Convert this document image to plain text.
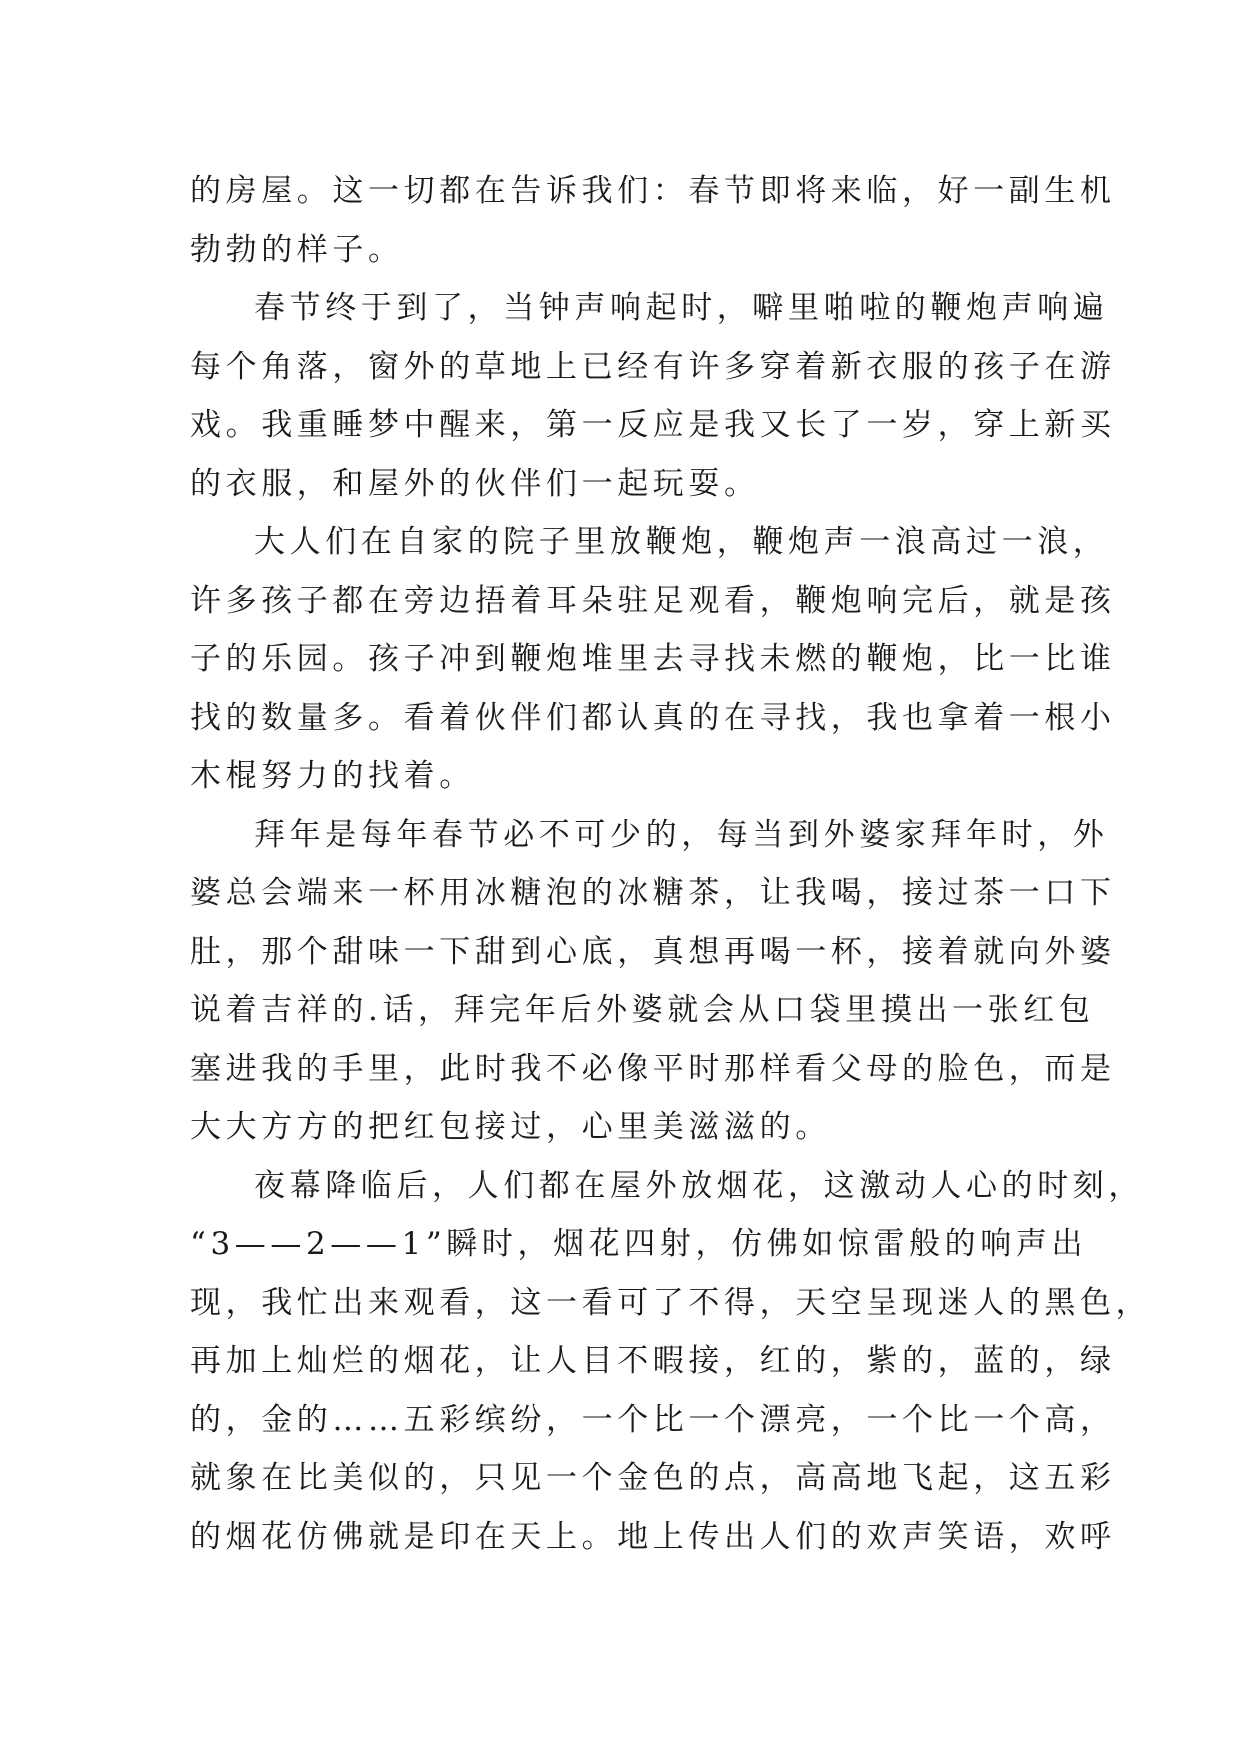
的房屋。这一切都在告诉我们：春节即将来临，好一副生机
勃勃的样子。
春节终于到了，当钟声响起时，噼里啪啦的鞭炮声响遍
每个角落，窗外的草地上已经有许多穿着新衣服的孩子在游
戏。我重睡梦中醒来，第一反应是我又长了一岁，穿上新买
的衣服，和屋外的伙伴们一起玩耍。
大人们在自家的院子里放鞭炮，鞭炮声一浪高过一浪，
许多孩子都在旁边捂着耳朵驻足观看，鞭炮响完后，就是孩
子的乐园。孩子冲到鞭炮堆里去寻找未燃的鞭炮，比一比谁
找的数量多。看着伙伴们都认真的在寻找，我也拿着一根小
木棍努力的找着。
拜年是每年春节必不可少的，每当到外婆家拜年时，外
婆总会端来一杯用冰糖泡的冰糖茶，让我喝，接过茶一口下
肚，那个甜味一下甜到心底，真想再喝一杯，接着就向外婆
说着吉祥的.话，拜完年后外婆就会从口袋里摸出一张红包
塞进我的手里，此时我不必像平时那样看父母的脸色，而是
大大方方的把红包接过，心里美滋滋的。
夜幕降临后，人们都在屋外放烟花，这激动人心的时刻，
“3——2——1”瞬时，烟花四射，仿佛如惊雷般的响声出
现，我忙出来观看，这一看可了不得，天空呈现迷人的黑色，
再加上灿烂的烟花，让人目不暇接，红的，紫的，蓝的，绿
的，金的……五彩缤纷，一个比一个漂亮，一个比一个高，
就象在比美似的，只见一个金色的点，高高地飞起，这五彩
的烟花仿佛就是印在天上。地上传出人们的欢声笑语，欢呼
